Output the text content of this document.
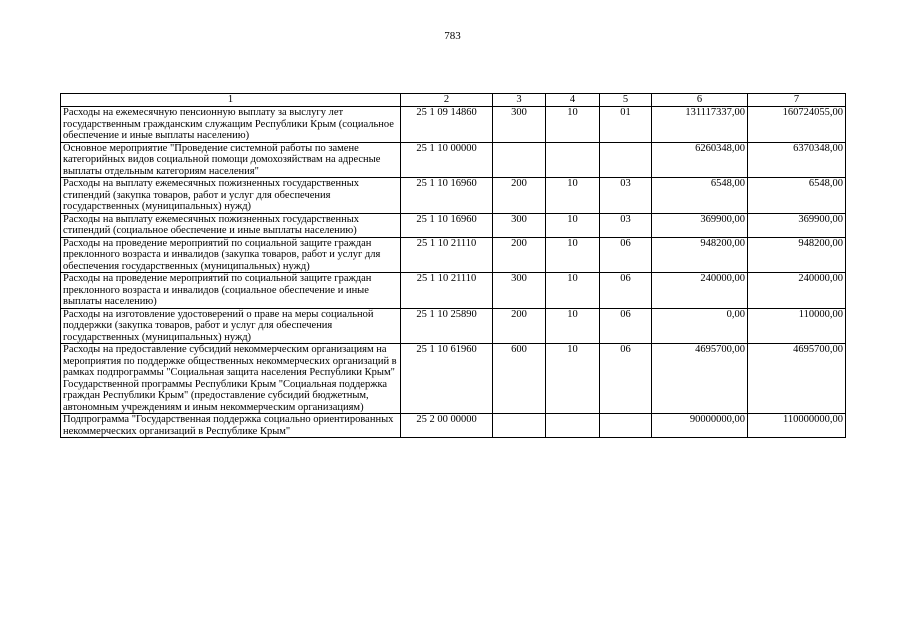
783
1	2	3	4	5	6	7
Расходы на ежемесячную пенсионную выплату за выслугу лет государственным гражданским служащим Республики Крым (социальное обеспечение и иные выплаты населению)	25 1 09 14860	300	10	01	131117337,00	160724055,00
Основное мероприятие "Проведение системной работы по замене категорийных видов социальной помощи домохозяйствам на адресные выплаты отдельным категориям населения"	25 1 10 00000				6260348,00	6370348,00
Расходы на выплату ежемесячных пожизненных государственных стипендий (закупка товаров, работ и услуг для обеспечения государственных (муниципальных) нужд)	25 1 10 16960	200	10	03	6548,00	6548,00
Расходы на выплату ежемесячных пожизненных государственных стипендий (социальное обеспечение и иные выплаты населению)	25 1 10 16960	300	10	03	369900,00	369900,00
Расходы на проведение мероприятий по социальной защите граждан преклонного возраста и инвалидов (закупка товаров, работ и услуг для обеспечения государственных (муниципальных) нужд)	25 1 10 21110	200	10	06	948200,00	948200,00
Расходы на проведение мероприятий по социальной защите граждан преклонного возраста и инвалидов (социальное обеспечение и иные выплаты населению)	25 1 10 21110	300	10	06	240000,00	240000,00
Расходы на изготовление удостоверений о праве на меры социальной поддержки (закупка товаров, работ и услуг для обеспечения государственных (муниципальных) нужд)	25 1 10 25890	200	10	06	0,00	110000,00
Расходы на предоставление субсидий некоммерческим организациям на мероприятия по поддержке общественных некоммерческих организаций в рамках подпрограммы "Социальная защита населения Республики Крым" Государственной программы Республики Крым "Социальная поддержка граждан Республики Крым" (предоставление субсидий бюджетным, автономным учреждениям и иным некоммерческим организациям)	25 1 10 61960	600	10	06	4695700,00	4695700,00
Подпрограмма "Государственная поддержка социально ориентированных некоммерческих организаций в Республике Крым"	25 2 00 00000				90000000,00	110000000,00
